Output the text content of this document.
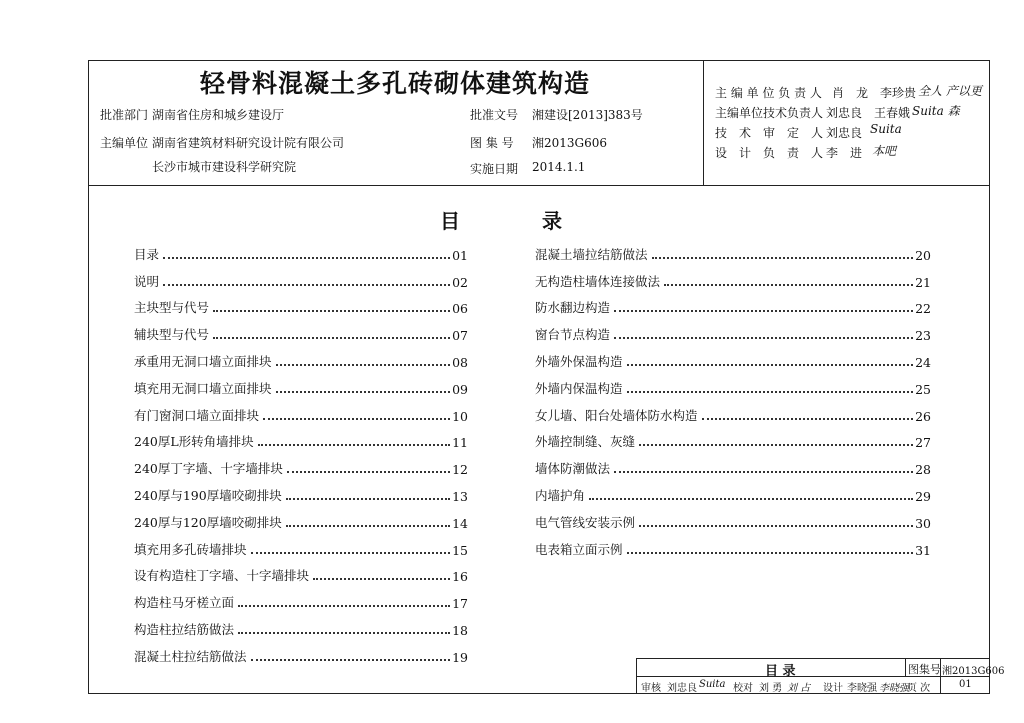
轻骨料混凝土多孔砖砌体建筑构造
批准部门 湖南省住房和城乡建设厅
主编单位 湖南省建筑材料研究设计院有限公司
长沙市城市建设科学研究院
批准文号 湘建设[2013]383号
图 集 号 湘2013G606
实施日期 2014.1.1
主 编 单 位 负 责 人 肖　龙　李珍贵 全人 产以更
主编单位技术负责人 刘忠良　王春娥 Suita 森
技　术　审　定　人 刘忠良 Suita
设　计　负　责　人 李　进 本吧
目	录
目录	01
说明	02
主块型与代号	06
辅块型与代号	07
承重用无洞口墙立面排块	08
填充用无洞口墙立面排块	09
有门窗洞口墙立面排块	10
240厚L形转角墙排块	11
240厚丁字墙、十字墙排块	12
240厚与190厚墙咬砌排块	13
240厚与120厚墙咬砌排块	14
填充用多孔砖墙排块	15
设有构造柱丁字墙、十字墙排块	16
构造柱马牙槎立面	17
构造柱拉结筋做法	18
混凝土柱拉结筋做法	19
混凝土墙拉结筋做法	20
无构造柱墙体连接做法	21
防水翻边构造	22
窗台节点构造	23
外墙外保温构造	24
外墙内保温构造	25
女儿墙、阳台处墙体防水构造	26
外墙控制缝、灰缝	27
墙体防潮做法	28
内墙护角	29
电气管线安装示例	30
电表箱立面示例	31
目 录	图集号 湘2013G606
审核 刘忠良 Suita 校对 刘 勇 刘 占 设计 李晓强 李晓强
页 次	01
